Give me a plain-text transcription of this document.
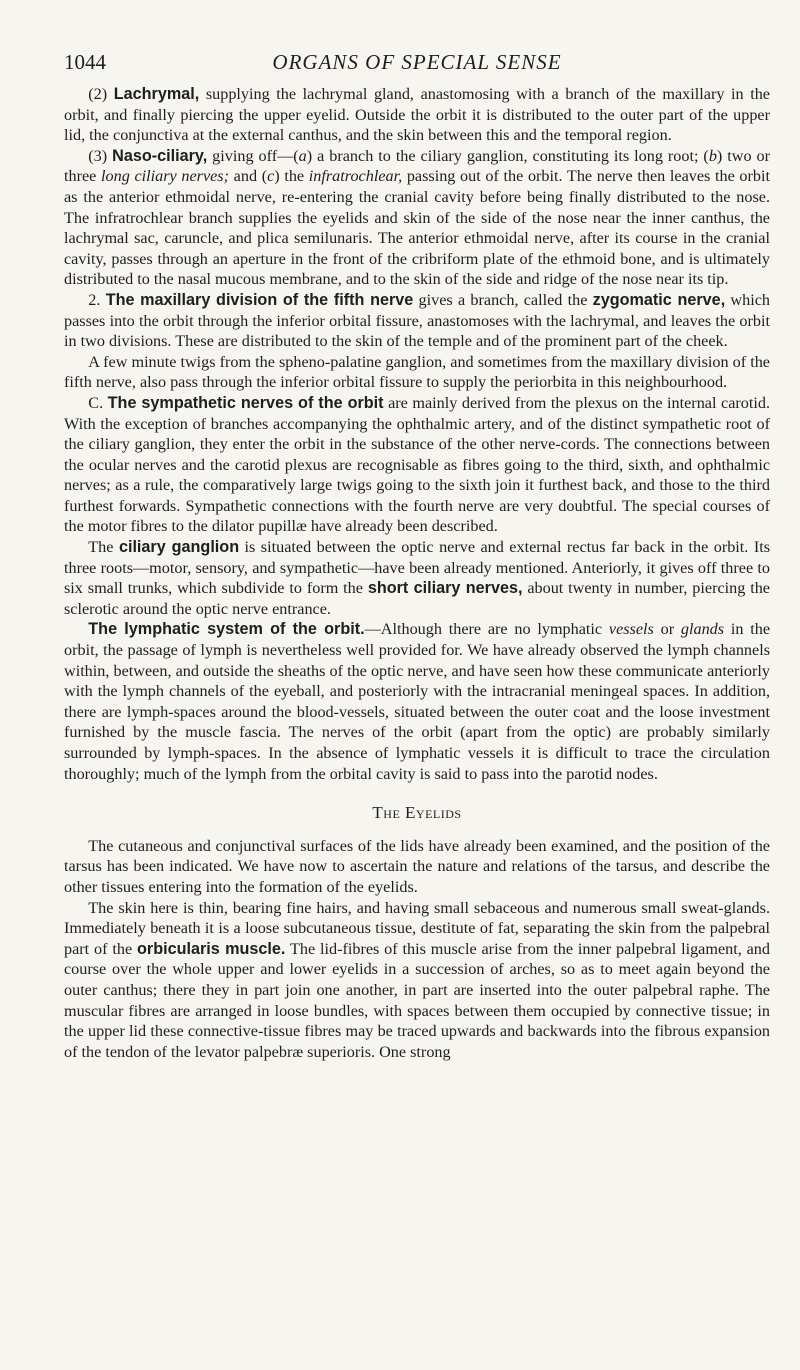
1044	ORGANS OF SPECIAL SENSE

(2) Lachrymal, supplying the lachrymal gland, anastomosing with a branch of the maxillary in the orbit, and finally piercing the upper eyelid. Outside the orbit it is distributed to the outer part of the upper lid, the conjunctiva at the external canthus, and the skin between this and the temporal region.

(3) Naso-ciliary, giving off—(a) a branch to the ciliary ganglion, constituting its long root; (b) two or three long ciliary nerves; and (c) the infratrochlear, passing out of the orbit. The nerve then leaves the orbit as the anterior ethmoidal nerve, re-entering the cranial cavity before being finally distributed to the nose. The infratrochlear branch supplies the eyelids and skin of the side of the nose near the inner canthus, the lachrymal sac, caruncle, and plica semilunaris. The anterior ethmoidal nerve, after its course in the cranial cavity, passes through an aperture in the front of the cribriform plate of the ethmoid bone, and is ultimately distributed to the nasal mucous membrane, and to the skin of the side and ridge of the nose near its tip.

2. The maxillary division of the fifth nerve gives a branch, called the zygomatic nerve, which passes into the orbit through the inferior orbital fissure, anastomoses with the lachrymal, and leaves the orbit in two divisions. These are distributed to the skin of the temple and of the prominent part of the cheek.

A few minute twigs from the spheno-palatine ganglion, and sometimes from the maxillary division of the fifth nerve, also pass through the inferior orbital fissure to supply the periorbita in this neighbourhood.

C. The sympathetic nerves of the orbit are mainly derived from the plexus on the internal carotid. With the exception of branches accompanying the ophthalmic artery, and of the distinct sympathetic root of the ciliary ganglion, they enter the orbit in the substance of the other nerve-cords. The connections between the ocular nerves and the carotid plexus are recognisable as fibres going to the third, sixth, and ophthalmic nerves; as a rule, the comparatively large twigs going to the sixth join it furthest back, and those to the third furthest forwards. Sympathetic connections with the fourth nerve are very doubtful. The special courses of the motor fibres to the dilator pupillæ have already been described.

The ciliary ganglion is situated between the optic nerve and external rectus far back in the orbit. Its three roots—motor, sensory, and sympathetic—have been already mentioned. Anteriorly, it gives off three to six small trunks, which subdivide to form the short ciliary nerves, about twenty in number, piercing the sclerotic around the optic nerve entrance.

The lymphatic system of the orbit.—Although there are no lymphatic vessels or glands in the orbit, the passage of lymph is nevertheless well provided for. We have already observed the lymph channels within, between, and outside the sheaths of the optic nerve, and have seen how these communicate anteriorly with the lymph channels of the eyeball, and posteriorly with the intracranial meningeal spaces. In addition, there are lymph-spaces around the blood-vessels, situated between the outer coat and the loose investment furnished by the muscle fascia. The nerves of the orbit (apart from the optic) are probably similarly surrounded by lymph-spaces. In the absence of lymphatic vessels it is difficult to trace the circulation thoroughly; much of the lymph from the orbital cavity is said to pass into the parotid nodes.

The Eyelids

The cutaneous and conjunctival surfaces of the lids have already been examined, and the position of the tarsus has been indicated. We have now to ascertain the nature and relations of the tarsus, and describe the other tissues entering into the formation of the eyelids.

The skin here is thin, bearing fine hairs, and having small sebaceous and numerous small sweat-glands. Immediately beneath it is a loose subcutaneous tissue, destitute of fat, separating the skin from the palpebral part of the orbicularis muscle. The lid-fibres of this muscle arise from the inner palpebral ligament, and course over the whole upper and lower eyelids in a succession of arches, so as to meet again beyond the outer canthus; there they in part join one another, in part are inserted into the outer palpebral raphe. The muscular fibres are arranged in loose bundles, with spaces between them occupied by connective tissue; in the upper lid these connective-tissue fibres may be traced upwards and backwards into the fibrous expansion of the tendon of the levator palpebræ superioris. One strong
